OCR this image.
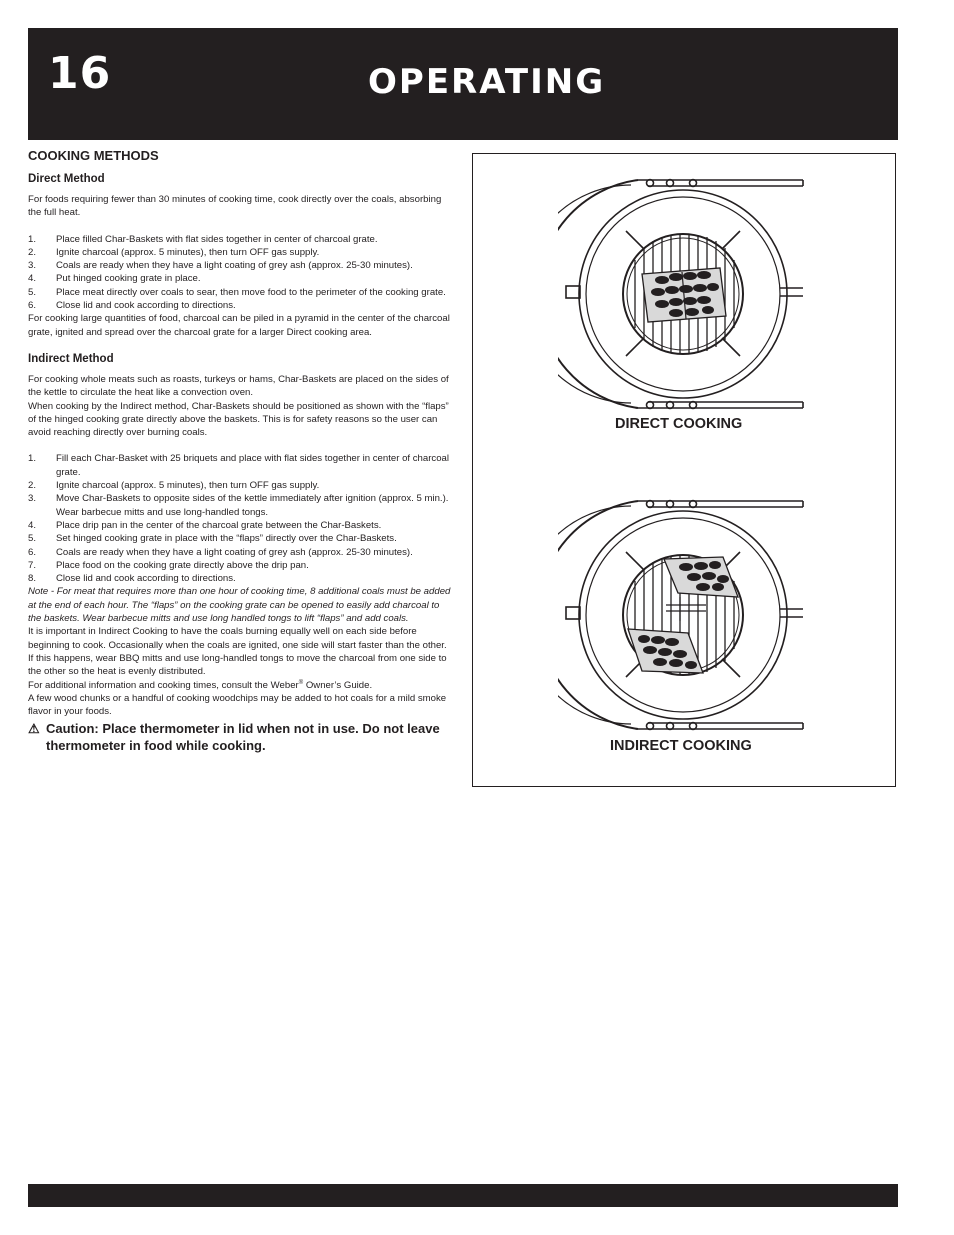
16	OPERATING
COOKING METHODS
Direct Method

For foods requiring fewer than 30 minutes of cooking time, cook directly over the coals, absorbing the full heat.

1. Place filled Char-Baskets with flat sides together in center of charcoal grate.
2. Ignite charcoal (approx. 5 minutes), then turn OFF gas supply.
3. Coals are ready when they have a light coating of grey ash (approx. 25-30 minutes).
4. Put hinged cooking grate in place.
5. Place meat directly over coals to sear, then move food to the perimeter of the cooking grate.
6. Close lid and cook according to directions.

For cooking large quantities of food, charcoal can be piled in a pyramid in the center of the charcoal grate, ignited and spread over the charcoal grate for a larger Direct cooking area.

Indirect Method

For cooking whole meats such as roasts, turkeys or hams, Char-Baskets are placed on the sides of the kettle to circulate the heat like a convection oven.

When cooking by the Indirect method, Char-Baskets should be positioned as shown with the “flaps” of the hinged cooking grate directly above the baskets. This is for safety reasons so the user can avoid reaching directly over burning coals.

1. Fill each Char-Basket with 25 briquets and place with flat sides together in center of charcoal grate.
2. Ignite charcoal (approx. 5 minutes), then turn OFF gas supply.
3. Move Char-Baskets to opposite sides of the kettle immediately after ignition (approx. 5 min.). Wear barbecue mitts and use long-handled tongs.
4. Place drip pan in the center of the charcoal grate between the Char-Baskets.
5. Set hinged cooking grate in place with the “flaps” directly over the Char-Baskets.
6. Coals are ready when they have a light coating of grey ash (approx. 25-30 minutes).
7. Place food on the cooking grate directly above the drip pan.
8. Close lid and cook according to directions.

Note - For meat that requires more than one hour of cooking time, 8 additional coals must be added at the end of each hour. The “flaps” on the cooking grate can be opened to easily add charcoal to the baskets. Wear barbecue mitts and use long handled tongs to lift “flaps” and add coals.

It is important in Indirect Cooking to have the coals burning equally well on each side before beginning to cook. Occasionally when the coals are ignited, one side will start faster than the other. If this happens, wear BBQ mitts and use long-handled tongs to move the charcoal from one side to the other so the heat is evenly distributed.

For additional information and cooking times, consult the Weber® Owner’s Guide.

A few wood chunks or a handful of cooking woodchips may be added to hot coals for a mild smoke flavor in your foods.

⚠ Caution: Place thermometer in lid when not in use. Do not leave thermometer in food while cooking.
DIRECT COOKING
INDIRECT COOKING
